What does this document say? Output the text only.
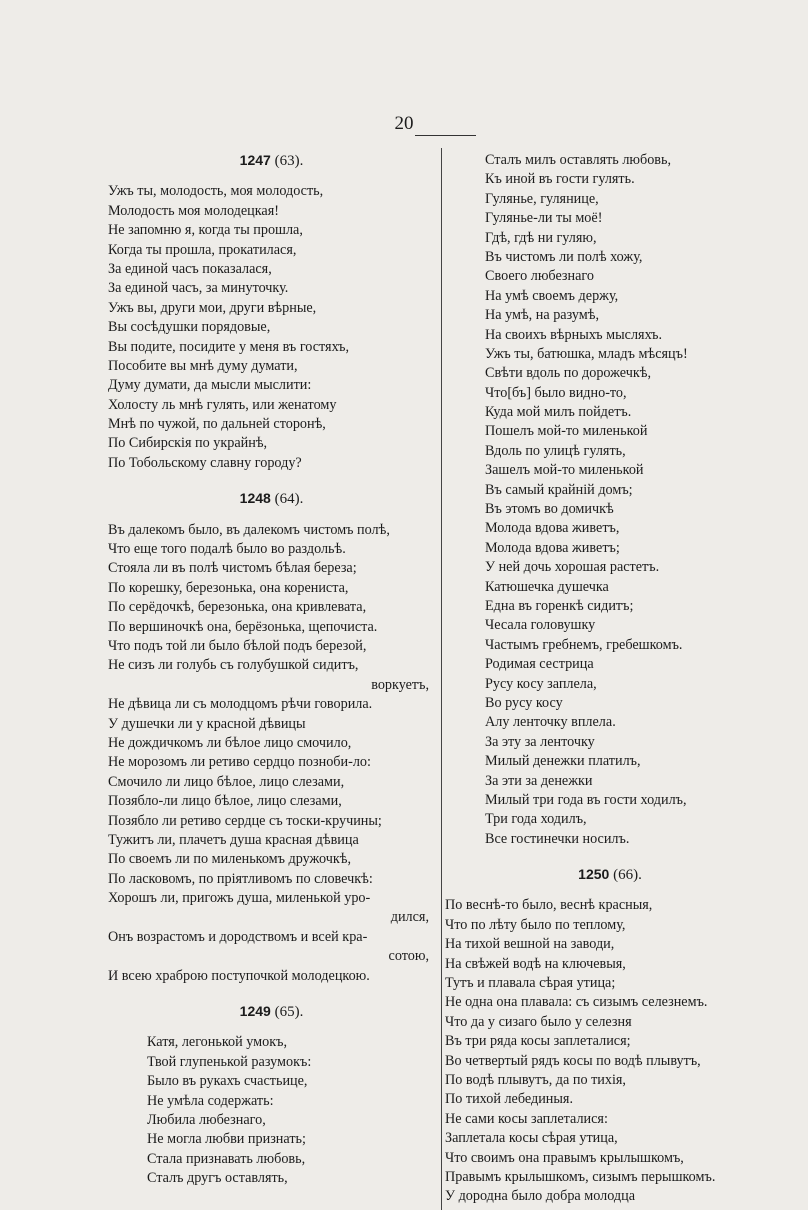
20
1247 (63).
Ужъ ты, молодость, моя молодость,
Молодость моя молодецкая!
Не запомню я, когда ты прошла,
Когда ты прошла, прокатилася,
За единой часъ показалася,
За единой часъ, за минуточку.
Ужъ вы, други мои, други вѣрные,
Вы сосѣдушки порядовые,
Вы подите, посидите у меня въ гостяхъ,
Пособите вы мнѣ думу думати,
Думу думати, да мысли мыслити:
Холосту ль мнѣ гулять, или женатому
Мнѣ по чужой, по дальней сторонѣ,
По Сибирскія по украйнѣ,
По Тобольскому славну городу?
1248 (64).
Въ далекомъ было, въ далекомъ чистомъ полѣ,
Что еще того подалѣ было во раздольѣ.
Стояла ли въ полѣ чистомъ бѣлая береза;
По корешку, березонька, она корениста,
По серёдочкѣ, березонька, она кривлевата,
По вершиночкѣ она, берёзонька, щепочиста.
Что подъ той ли было бѣлой подъ березой,
Не сизъ ли голубь съ голубушкой сидитъ,
воркуетъ,
Не дѣвица ли съ молодцомъ рѣчи говорила.
У душечки ли у красной дѣвицы
Не дождичкомъ ли бѣлое лицо смочило,
Не морозомъ ли ретиво сердцо позноби‑ло:
Смочило ли лицо бѣлое, лицо слезами,
Позябло‑ли лицо бѣлое, лицо слезами,
Позябло ли ретиво сердце съ тоски‑кручины;
Тужитъ ли, плачетъ душа красная дѣвица
По своемъ ли по миленькомъ дружочкѣ,
По ласковомъ, по пріятливомъ по словечкѣ:
Хорошъ ли, пригожъ душа, миленькой уро‑
дился,
Онъ возрастомъ и дородствомъ и всей кра‑
сотою,
И всею храброю поступочкой молодецкою.
1249 (65).
Катя, легонькой умокъ,
Твой глупенькой разумокъ:
Было въ рукахъ счастьице,
Не умѣла содержать:
Любила любезнаго,
Не могла любви признать;
Стала признавать любовь,
Сталъ другъ оставлять,
Сталъ милъ оставлять любовь,
Къ иной въ гости гулять.
Гулянье, гулянице,
Гулянье‑ли ты моё!
Гдѣ, гдѣ ни гуляю,
Въ чистомъ ли полѣ хожу,
Своего любезнаго
На умѣ своемъ держу,
На умѣ, на разумѣ,
На своихъ вѣрныхъ мысляхъ.
Ужъ ты, батюшка, младъ мѣсяцъ!
Свѣти вдоль по дорожечкѣ,
Что[бъ] было видно‑то,
Куда мой милъ пойдетъ.
Пошелъ мой‑то миленькой
Вдоль по улицѣ гулять,
Зашелъ мой‑то миленькой
Въ самый крайній домъ;
Въ этомъ во домичкѣ
Молода вдова живетъ,
Молода вдова живетъ;
У ней дочь хорошая растетъ.
Катюшечка душечка
Една въ горенкѣ сидитъ;
Чесала головушку
Частымъ гребнемъ, гребешкомъ.
Родимая сестрица
Русу косу заплела,
Во русу косу
Алу ленточку вплела.
За эту за ленточку
Милый денежки платилъ,
За эти за денежки
Милый три года въ гости ходилъ,
Три года ходилъ,
Все гостинечки носилъ.
1250 (66).
По веснѣ‑то было, веснѣ красныя,
Что по лѣту было по теплому,
На тихой вешной на заводи,
На свѣжей водѣ на ключевыя,
Тутъ и плавала сѣрая утица;
Не одна она плавала: съ сизымъ селезнемъ.
Что да у сизаго было у селезня
Въ три ряда косы заплеталися;
Во четвертый рядъ косы по водѣ плывутъ,
По водѣ плывутъ, да по тихія,
По тихой лебединыя.
Не сами косы заплеталися:
Заплетала косы сѣрая утица,
Что своимъ она правымъ крылышкомъ,
Правымъ крылышкомъ, сизымъ перышкомъ.
У дородна было добра молодца
